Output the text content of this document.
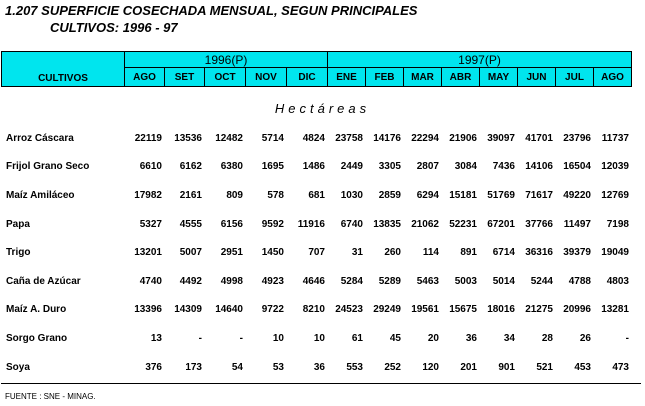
1.207 SUPERFICIE COSECHADA MENSUAL, SEGUN PRINCIPALES
CULTIVOS: 1996 - 97
CULTIVOS	1996(P)					1997(P)							
	AGO	SET	OCT	NOV	DIC	ENE	FEB	MAR	ABR	MAY	JUN	JUL	AGO
Hectáreas
Arroz Cáscara	22119	13536	12482	5714	4824	23758	14176	22294	21906	39097	41701	23796	11737
Frijol Grano Seco	6610	6162	6380	1695	1486	2449	3305	2807	3084	7436	14106	16504	12039
Maíz Amiláceo	17982	2161	809	578	681	1030	2859	6294	15181	51769	71617	49220	12769
Papa	5327	4555	6156	9592	11916	6740	13835	21062	52231	67201	37766	11497	7198
Trigo	13201	5007	2951	1450	707	31	260	114	891	6714	36316	39379	19049
Caña de Azúcar	4740	4492	4998	4923	4646	5284	5289	5463	5003	5014	5244	4788	4803
Maíz A. Duro	13396	14309	14640	9722	8210	24523	29249	19561	15675	18016	21275	20996	13281
Sorgo Grano	13	-	-	10	10	61	45	20	36	34	28	26	-
Soya	376	173	54	53	36	553	252	120	201	901	521	453	473
FUENTE : SNE - MINAG.
